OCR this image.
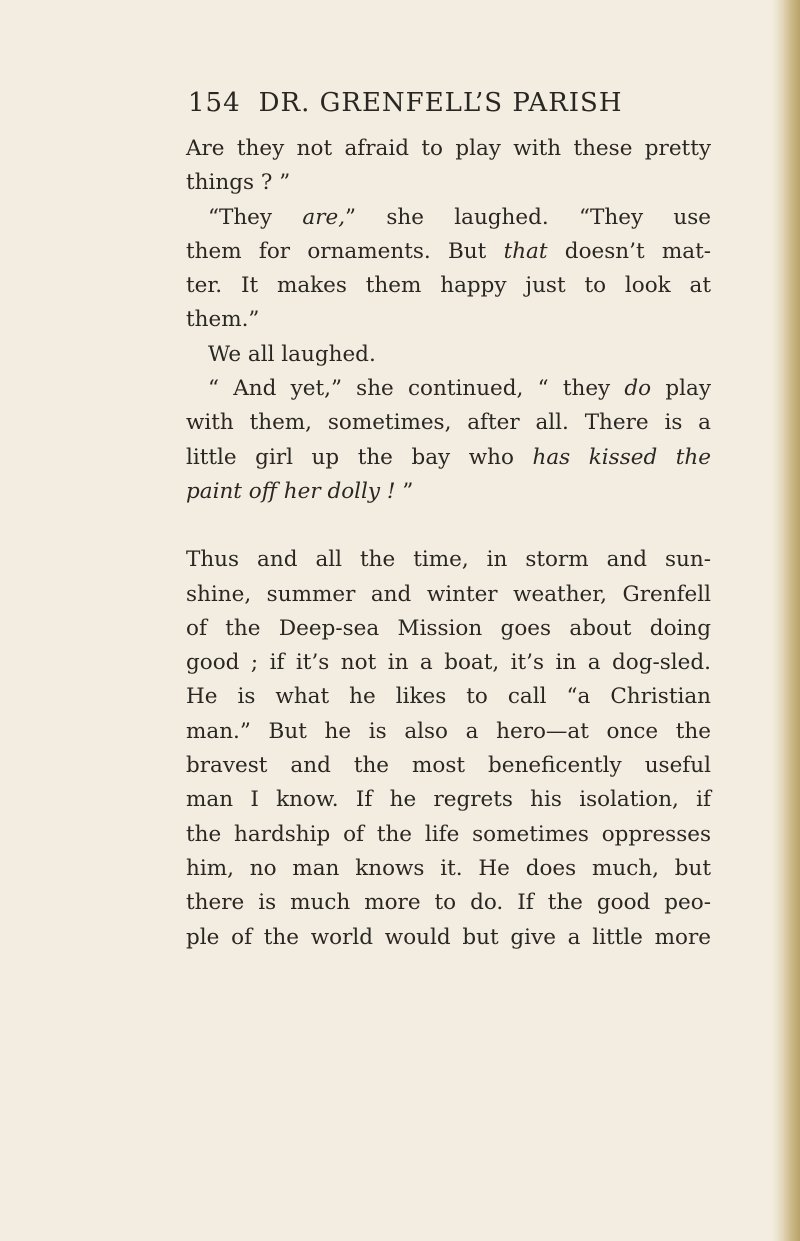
154 DR. GRENFELL’S PARISH
Are they not afraid to play with these pretty
things ? ”
“They are,” she laughed. “They use
them for ornaments. But that doesn’t mat-
ter. It makes them happy just to look at
them.”
We all laughed.
“ And yet,” she continued, “ they do play
with them, sometimes, after all. There is a
little girl up the bay who has kissed the
paint off her dolly ! ”
Thus and all the time, in storm and sun-
shine, summer and winter weather, Grenfell
of the Deep-sea Mission goes about doing
good ; if it’s not in a boat, it’s in a dog-sled.
He is what he likes to call “a Christian
man.” But he is also a hero—at once the
bravest and the most beneficently useful
man I know. If he regrets his isolation, if
the hardship of the life sometimes oppresses
him, no man knows it. He does much, but
there is much more to do. If the good peo-
ple of the world would but give a little more
